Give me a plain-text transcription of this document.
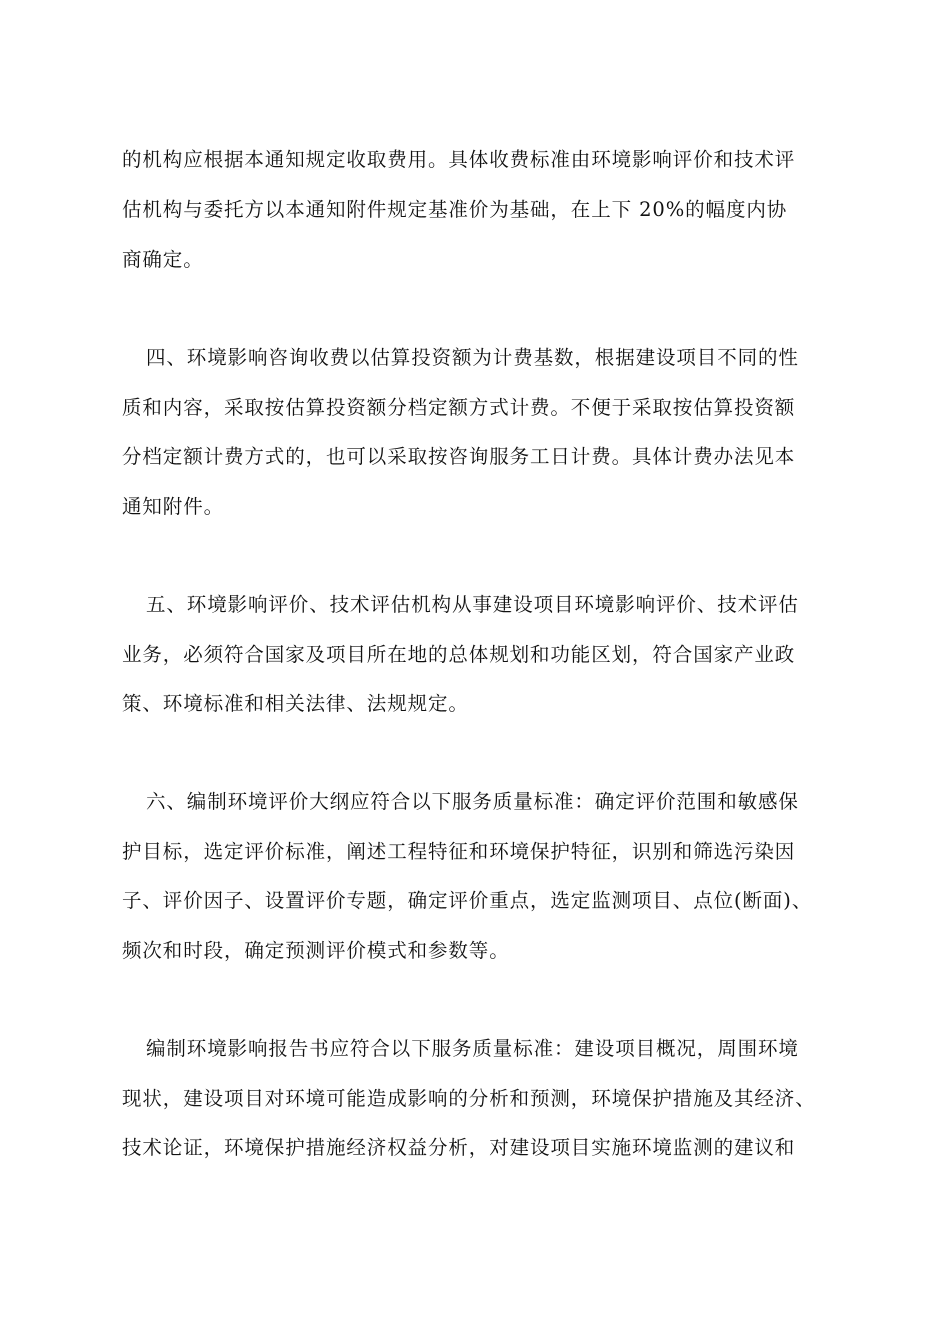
的机构应根据本通知规定收取费用。具体收费标准由环境影响评价和技术评
估机构与委托方以本通知附件规定基准价为基础，在上下 20%的幅度内协
商确定。
四、环境影响咨询收费以估算投资额为计费基数，根据建设项目不同的性
质和内容，采取按估算投资额分档定额方式计费。不便于采取按估算投资额
分档定额计费方式的，也可以采取按咨询服务工日计费。具体计费办法见本
通知附件。
五、环境影响评价、技术评估机构从事建设项目环境影响评价、技术评估
业务，必须符合国家及项目所在地的总体规划和功能区划，符合国家产业政
策、环境标准和相关法律、法规规定。
六、编制环境评价大纲应符合以下服务质量标准：确定评价范围和敏感保
护目标，选定评价标准，阐述工程特征和环境保护特征，识别和筛选污染因
子、评价因子、设置评价专题，确定评价重点，选定监测项目、点位(断面)、
频次和时段，确定预测评价模式和参数等。
编制环境影响报告书应符合以下服务质量标准：建设项目概况，周围环境
现状，建设项目对环境可能造成影响的分析和预测，环境保护措施及其经济、
技术论证，环境保护措施经济权益分析，对建设项目实施环境监测的建议和
